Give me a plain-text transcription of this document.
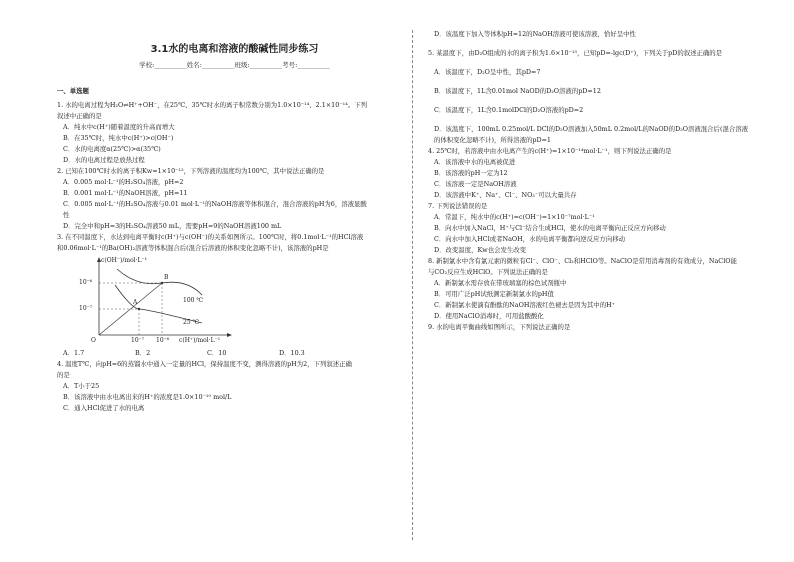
3.1水的电离和溶液的酸碱性同步练习
学校:__________姓名:__________班级:__________考号:__________
一、单选题
1. 水的电离过程为H₂O⇌H⁺+OH⁻，在25℃、35℃时水的离子积常数分别为1.0×10⁻¹⁴、2.1×10⁻¹⁴。下列
叙述中正确的是
A．纯水中c(H⁺)随着温度的升高而增大
B．在35℃时，纯水中c(H⁺)>c(OH⁻)
C．水的电离度α(25℃)>α(35℃)
D．水的电离过程是放热过程
2. 已知在100℃时水的离子积Kw=1×10⁻¹²，下列溶液的温度均为100℃，其中说法正确的是
A．0.005 mol·L⁻¹的H₂SO₄溶液，pH=2
B．0.001 mol·L⁻¹的NaOH溶液，pH=11
C．0.005 mol·L⁻¹的H₂SO₄溶液与0.01 mol·L⁻¹的NaOH溶液等体积混合，混合溶液的pH为6，溶液显酸
性
D．完全中和pH=3的H₂SO₄溶液50 mL，需要pH=9的NaOH溶液100 mL
3. 在不同温度下，水达到电离平衡时c(H⁺)与c(OH⁻)的关系如图所示。100℃时，将0.1mol·L⁻¹的HCl溶液
和0.06mol·L⁻¹的Ba(OH)₂溶液等体积混合后(混合后溶液的体积变化忽略不计)，该溶液的pH是
c(OH⁻)/mol·L⁻¹
10⁻⁶
10⁻⁷
O	10⁻⁷ 10⁻⁶ c(H⁺)/mol·L⁻¹
A
B
100 ℃
25 ℃
A．1.7	B．2	C．10	D．10.3
4. 温度T℃，向pH=6的蒸馏水中通入一定量的HCl，保持温度不变，测得溶液的pH为2，下列叙述正确
的是
A．T小于25
B．该溶液中由水电离出来的H⁺的浓度是1.0×10⁻¹⁰ mol/L
C．通入HCl促进了水的电离
D．该温度下加入等体积pH=12的NaOH溶液可使该溶液，恰好呈中性
5. 某温度下，由D₂O组成的水的离子积为1.6×10⁻¹⁵，已知pD=-lgc(D⁺)，下列关于pD的叙述正确的是
A．该温度下，D₂O呈中性，其pD=7
B．该温度下，1L含0.01mol NaOD的D₂O溶液的pD=12
C．该温度下，1L含0.1molDCl的D₂O溶液的pD=2
D．该温度下，100mL 0.25mol/L DCl的D₂O溶液加入50mL 0.2mol/L的NaOD的D₂O溶液混合后(混合溶液
的体积变化忽略不计)，所得溶液的pD=1
4. 25℃时，若溶液中由水电离产生的c(H⁺)=1×10⁻¹⁴mol·L⁻¹，则下列说法正确的是
A．该溶液中水的电离被促进
B．该溶液的pH一定为12
C．该溶液一定是NaOH溶液
D．该溶液中K⁺、Na⁺、Cl⁻、NO₃⁻可以大量共存
7. 下列说法错误的是
A．常温下，纯水中的c(H⁺)=c(OH⁻)=1×10⁻⁷mol·L⁻¹
B．向水中加入NaCl，H⁺与Cl⁻结合生成HCl，使水的电离平衡向正反应方向移动
C．向水中加入HCl或者NaOH，水的电离平衡都向逆反应方向移动
D．改变温度，Kw也会发生改变
8. 新制氯水中含有氯元素的微粒有Cl⁻、ClO⁻、Cl₂和HClO等。NaClO是常用消毒剂的有效成分，NaClO能
与CO₂反应生成HClO。下列说法正确的是
A．新制氯水需存放在带玻璃塞的棕色试剂瓶中
B．可用广泛pH试纸测定新制氯水的pH值
C．新制氯水使滴有酚酞的NaOH溶液红色褪去是因为其中的H⁺
D．使用NaClO消毒时，可用盐酸酸化
9. 水的电离平衡曲线如图所示，下列说法正确的是
